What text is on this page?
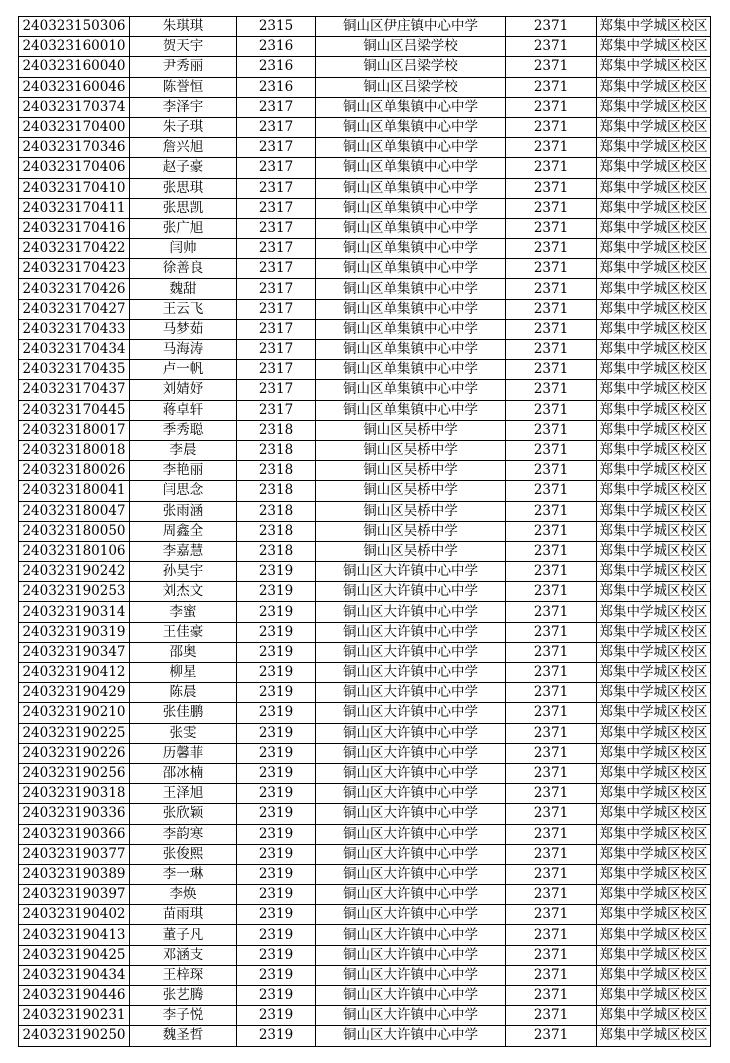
240323150306	朱琪琪	2315	铜山区伊庄镇中心中学	2371	郑集中学城区校区
240323160010	贺天宇	2316	铜山区吕梁学校	2371	郑集中学城区校区
240323160040	尹秀丽	2316	铜山区吕梁学校	2371	郑集中学城区校区
240323160046	陈誉恒	2316	铜山区吕梁学校	2371	郑集中学城区校区
240323170374	李泽宇	2317	铜山区单集镇中心中学	2371	郑集中学城区校区
240323170400	朱子琪	2317	铜山区单集镇中心中学	2371	郑集中学城区校区
240323170346	詹兴旭	2317	铜山区单集镇中心中学	2371	郑集中学城区校区
240323170406	赵子豪	2317	铜山区单集镇中心中学	2371	郑集中学城区校区
240323170410	张思琪	2317	铜山区单集镇中心中学	2371	郑集中学城区校区
240323170411	张思凯	2317	铜山区单集镇中心中学	2371	郑集中学城区校区
240323170416	张广旭	2317	铜山区单集镇中心中学	2371	郑集中学城区校区
240323170422	闫帅	2317	铜山区单集镇中心中学	2371	郑集中学城区校区
240323170423	徐善良	2317	铜山区单集镇中心中学	2371	郑集中学城区校区
240323170426	魏甜	2317	铜山区单集镇中心中学	2371	郑集中学城区校区
240323170427	王云飞	2317	铜山区单集镇中心中学	2371	郑集中学城区校区
240323170433	马梦茹	2317	铜山区单集镇中心中学	2371	郑集中学城区校区
240323170434	马海涛	2317	铜山区单集镇中心中学	2371	郑集中学城区校区
240323170435	卢一帆	2317	铜山区单集镇中心中学	2371	郑集中学城区校区
240323170437	刘婧妤	2317	铜山区单集镇中心中学	2371	郑集中学城区校区
240323170445	蒋卓轩	2317	铜山区单集镇中心中学	2371	郑集中学城区校区
240323180017	季秀聪	2318	铜山区吴桥中学	2371	郑集中学城区校区
240323180018	李晨	2318	铜山区吴桥中学	2371	郑集中学城区校区
240323180026	李艳丽	2318	铜山区吴桥中学	2371	郑集中学城区校区
240323180041	闫思念	2318	铜山区吴桥中学	2371	郑集中学城区校区
240323180047	张雨涵	2318	铜山区吴桥中学	2371	郑集中学城区校区
240323180050	周鑫全	2318	铜山区吴桥中学	2371	郑集中学城区校区
240323180106	李嘉慧	2318	铜山区吴桥中学	2371	郑集中学城区校区
240323190242	孙昊宇	2319	铜山区大许镇中心中学	2371	郑集中学城区校区
240323190253	刘杰文	2319	铜山区大许镇中心中学	2371	郑集中学城区校区
240323190314	李蜜	2319	铜山区大许镇中心中学	2371	郑集中学城区校区
240323190319	王佳豪	2319	铜山区大许镇中心中学	2371	郑集中学城区校区
240323190347	邵奥	2319	铜山区大许镇中心中学	2371	郑集中学城区校区
240323190412	柳星	2319	铜山区大许镇中心中学	2371	郑集中学城区校区
240323190429	陈晨	2319	铜山区大许镇中心中学	2371	郑集中学城区校区
240323190210	张佳鹏	2319	铜山区大许镇中心中学	2371	郑集中学城区校区
240323190225	张雯	2319	铜山区大许镇中心中学	2371	郑集中学城区校区
240323190226	历馨菲	2319	铜山区大许镇中心中学	2371	郑集中学城区校区
240323190256	邵冰楠	2319	铜山区大许镇中心中学	2371	郑集中学城区校区
240323190318	王泽旭	2319	铜山区大许镇中心中学	2371	郑集中学城区校区
240323190336	张欣颖	2319	铜山区大许镇中心中学	2371	郑集中学城区校区
240323190366	李韵寒	2319	铜山区大许镇中心中学	2371	郑集中学城区校区
240323190377	张俊熙	2319	铜山区大许镇中心中学	2371	郑集中学城区校区
240323190389	李一琳	2319	铜山区大许镇中心中学	2371	郑集中学城区校区
240323190397	李焕	2319	铜山区大许镇中心中学	2371	郑集中学城区校区
240323190402	苗雨琪	2319	铜山区大许镇中心中学	2371	郑集中学城区校区
240323190413	董子凡	2319	铜山区大许镇中心中学	2371	郑集中学城区校区
240323190425	邓涵支	2319	铜山区大许镇中心中学	2371	郑集中学城区校区
240323190434	王梓琛	2319	铜山区大许镇中心中学	2371	郑集中学城区校区
240323190446	张艺腾	2319	铜山区大许镇中心中学	2371	郑集中学城区校区
240323190231	李子悦	2319	铜山区大许镇中心中学	2371	郑集中学城区校区
240323190250	魏圣哲	2319	铜山区大许镇中心中学	2371	郑集中学城区校区
